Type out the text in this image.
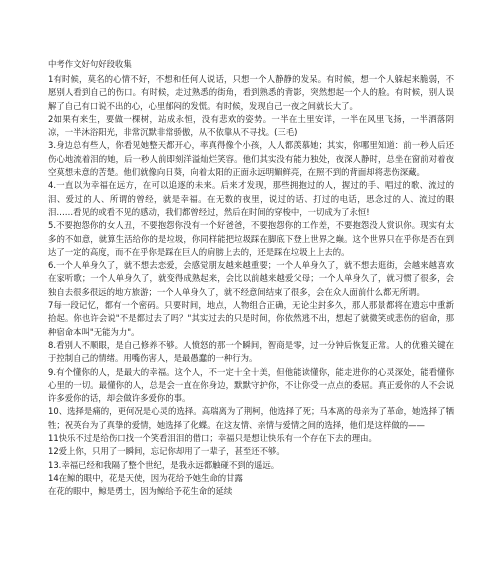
中考作文好句好段收集

1有时候，莫名的心情不好，不想和任何人说话，只想一个人静静的发呆。有时候，想一个人躲起来脆弱，不愿别人看到自己的伤口。有时候，走过熟悉的街角，看到熟悉的背影，突然想起一个人的脸。有时候，别人误解了自己有口说不出的心，心里郁闷的发慌。有时候，发现自己一夜之间就长大了。

2如果有来生，要做一棵树，站成永恒，没有悲欢的姿势。一半在土里安详，一半在风里飞扬，一半洒落阴凉，一半沐浴阳光，非常沉默非常骄傲，从不依靠从不寻找。(三毛)

3.身边总有些人，你看见她整天都开心，率真得像个小孩，人人都羡慕她；其实，你哪里知道：前一秒人后还伤心地流着泪的她，后一秒人前即刻洋溢灿烂笑容。他们其实没有能力独处，夜深人静时，总坐在窗前对着夜空莫想未意的苦楚。他们就像向日葵，向着太阳的正面永远明媚鲜亮，在照不到的背面却将悲伤深藏。

4.一直以为幸福在远方，在可以追逐的未来。后来才发现，那些拥抱过的人，握过的手、唱过的歌、流过的泪、爱过的人、所谓的曾经，就是幸福。在无数的夜里，说过的话、打过的电话，思念过的人、流过的眼泪……看见的或看不见的感动，我们都曾经过，然后在时间的穿梭中，一切成为了永恒!

5.不要抱怨你的女人丑，不要抱怨你没有一个好爸爸，不要抱怨你的工作差，不要抱怨没人赏识你。现实有太多的不如意，就算生活给你的是垃圾，你同样能把垃圾踩在脚底下登上世界之巅。这个世界只在乎你是否在到达了一定的高度，而不在乎你是踩在巨人的肩膀上去的，还是踩在垃圾上上去的。

6.一个人单身久了，就不想去恋爱，会感觉朋友越来越重要；一个人单身久了，就不想去逛街，会越来越喜欢在家听歌；一个人单身久了，就变得成熟起来，会比以前越来越爱父母；一个人单身久了，就习惯了很多，会独自去很多很远的地方旅游；一个人单身久了，就不经意间结束了很多，会在众人面前什么都无所谓。

7每一段记忆，都有一个密码。只要时间，地点，人物组合正确，无论尘封多久，那人那景都将在遗忘中重新拾起。你也许会说"不是都过去了吗？"其实过去的只是时间，你依然逃不出，想起了就微笑或悲伤的宿命，那种宿命本叫"无能为力"。

8.看别人不顺眼，是自己修养不够。人愤怒的那一个瞬间，智商是零，过一分钟后恢复正常。人的优雅关键在于控制自己的情绪。用嘴伤害人，是最愚蠢的一种行为。

9.有个懂你的人，是最大的幸福。这个人，不一定十全十美，但他能读懂你，能走进你的心灵深处，能看懂你心里的一切。最懂你的人，总是会一直在你身边，默默守护你，不让你受一点点的委屈。真正爱你的人不会说许多爱你的话，却会做许多爱你的事。

10、选择是痛的，更何况是心灵的选择。高瑞离为了荆柯，他选择了死；马本离的母亲为了革命，她选择了牺牲；祝英台为了真挚的爱情，她选择了化蝶。在这友情、亲情与爱情之间的选择，他们是这样做的——

11快乐不过是给伤口找一个笑看泪泪的借口；幸福只是想让快乐有一个存在下去的理由。

12爱上你，只用了一瞬间，忘记你却用了一辈子，甚至还不够。

13.幸福已经和我隔了整个世纪，是我永远都触碰不到的遥远。

14在鲸的眼中，花是天使，因为花给予她生命的甘露

在花的眼中，鲸是勇士，因为鲸给予花生命的延续
